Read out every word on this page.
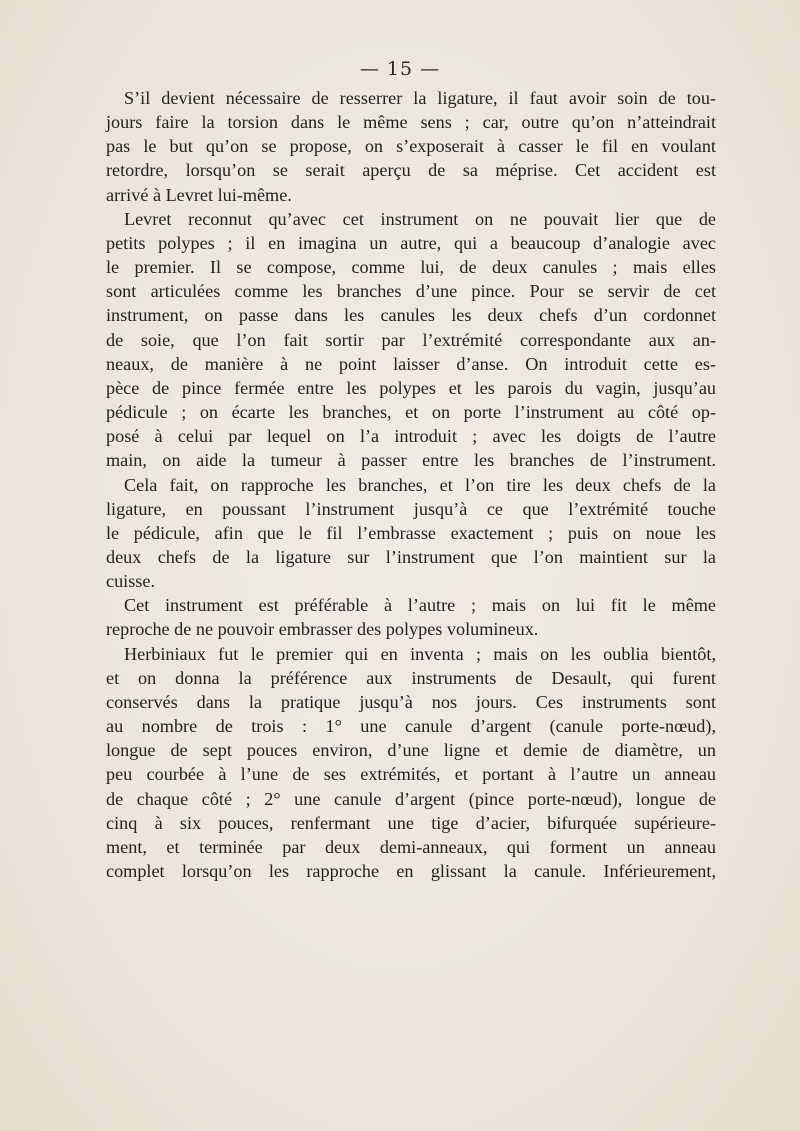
— 15 —

S’il devient nécessaire de resserrer la ligature, il faut avoir soin de tou-

jours faire la torsion dans le même sens ; car, outre qu’on n’atteindrait

pas le but qu’on se propose, on s’exposerait à casser le fil en voulant

retordre, lorsqu’on se serait aperçu de sa méprise. Cet accident est

arrivé à Levret lui-même.

Levret reconnut qu’avec cet instrument on ne pouvait lier que de

petits polypes ; il en imagina un autre, qui a beaucoup d’analogie avec

le premier. Il se compose, comme lui, de deux canules ; mais elles

sont articulées comme les branches d’une pince. Pour se servir de cet

instrument, on passe dans les canules les deux chefs d’un cordonnet

de soie, que l’on fait sortir par l’extrémité correspondante aux an-

neaux, de manière à ne point laisser d’anse. On introduit cette es-

pèce de pince fermée entre les polypes et les parois du vagin, jusqu’au

pédicule ; on écarte les branches, et on porte l’instrument au côté op-

posé à celui par lequel on l’a introduit ; avec les doigts de l’autre

main, on aide la tumeur à passer entre les branches de l’instrument.

Cela fait, on rapproche les branches, et l’on tire les deux chefs de la

ligature, en poussant l’instrument jusqu’à ce que l’extrémité touche

le pédicule, afin que le fil l’embrasse exactement ; puis on noue les

deux chefs de la ligature sur l’instrument que l’on maintient sur la

cuisse.

Cet instrument est préférable à l’autre ; mais on lui fit le même

reproche de ne pouvoir embrasser des polypes volumineux.

Herbiniaux fut le premier qui en inventa ; mais on les oublia bientôt,

et on donna la préférence aux instruments de Desault, qui furent

conservés dans la pratique jusqu’à nos jours. Ces instruments sont

au nombre de trois : 1° une canule d’argent (canule porte-nœud),

longue de sept pouces environ, d’une ligne et demie de diamètre, un

peu courbée à l’une de ses extrémités, et portant à l’autre un anneau

de chaque côté ; 2° une canule d’argent (pince porte-nœud), longue de

cinq à six pouces, renfermant une tige d’acier, bifurquée supérieure-

ment, et terminée par deux demi-anneaux, qui forment un anneau

complet lorsqu’on les rapproche en glissant la canule. Inférieurement,
